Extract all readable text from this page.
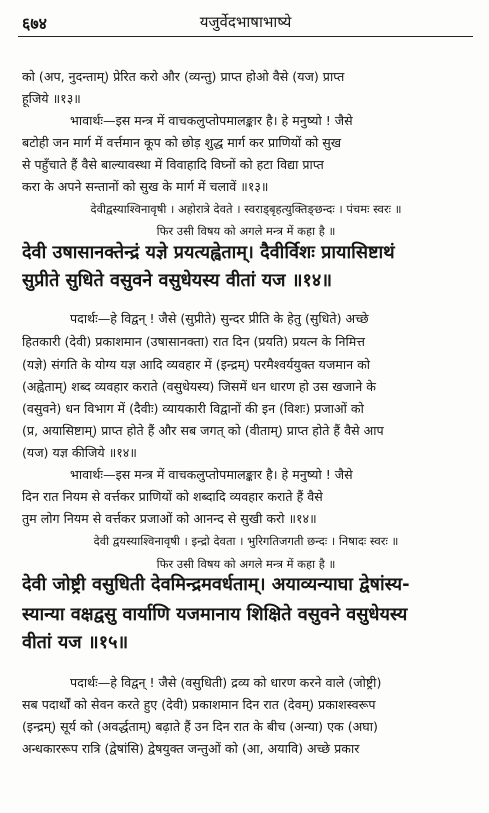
६७४	यजुर्वेदभाषाभाष्ये
को (अप, नुदन्ताम्) प्रेरित करो और (व्यन्तु) प्राप्त होओ वैसे (यज) प्राप्त
हूजिये ॥१३॥
भावार्थः—इस मन्त्र में वाचकलुप्तोपमालङ्कार है। हे मनुष्यो ! जैसे
बटोही जन मार्ग में वर्त्तमान कूप को छोड़ शुद्ध मार्ग कर प्राणियों को सुख
से पहुँचाते हैं वैसे बाल्यावस्था में विवाहादि विघ्नों को हटा विद्या प्राप्त
करा के अपने सन्तानों को सुख के मार्ग में चलावें ॥१३॥
देवीद्वस्याश्विनावृषी । अहोरात्रे देवते । स्वराड्बृहत्युक्तिङ्छन्दः । पंचमः स्वरः ॥
फिर उसी विषय को अगले मन्त्र में कहा है ॥
देवी उषासानक्तेन्द्रं यज्ञे प्रयत्यह्वेताम्। दैवीर्विशः प्रायासिष्टाथं
सुप्रीते सुधिते वसुवने वसुधेयस्य वीतां यज ॥१४॥
पदार्थः—हे विद्वन् ! जैसे (सुप्रीते) सुन्दर प्रीति के हेतु (सुधिते) अच्छे
हितकारी (देवी) प्रकाशमान (उषासानक्ता) रात दिन (प्रयति) प्रयत्न के निमित्त
(यज्ञे) संगति के योग्य यज्ञ आदि व्यवहार में (इन्द्रम्) परमैश्वर्ययुक्त यजमान को
(अह्वेताम्) शब्द व्यवहार कराते (वसुधेयस्य) जिसमें धन धारण हो उस खजाने के
(वसुवने) धन विभाग में (दैवीः) व्यायकारी विद्वानों की इन (विशः) प्रजाओं को
(प्र, अयासिष्टाम्) प्राप्त होते हैं और सब जगत् को (वीताम्) प्राप्त होते हैं वैसे आप
(यज) यज्ञ कीजिये ॥१४॥
भावार्थः—इस मन्त्र में वाचकलुप्तोपमालङ्कार है। हे मनुष्यो ! जैसे
दिन रात नियम से वर्त्तकर प्राणियों को शब्दादि व्यवहार कराते हैं वैसे
तुम लोग नियम से वर्त्तकर प्रजाओं को आनन्द से सुखी करो ॥१४॥
देवी द्वयस्याश्विनावृषी । इन्द्रो देवता । भुरिगतिजगती छन्दः । निषादः स्वरः ॥
फिर उसी विषय को अगले मन्त्र में कहा है ॥
देवी जोष्ट्री वसुधिती देवमिन्द्रमवर्धताम्। अयाव्यन्याघा द्वेषांस्य-
स्यान्या वक्षद्वसु वार्याणि यजमानाय शिक्षिते वसुवने वसुधेयस्य
वीतां यज ॥१५॥
पदार्थः—हे विद्वन् ! जैसे (वसुधिती) द्रव्य को धारण करने वाले (जोष्ट्री)
सब पदार्थों को सेवन करते हुए (देवी) प्रकाशमान दिन रात (देवम्) प्रकाशस्वरूप
(इन्द्रम्) सूर्य को (अवर्द्धताम्) बढ़ाते हैं उन दिन रात के बीच (अन्या) एक (अघा)
अन्धकाररूप रात्रि (द्वेषांसि) द्वेषयुक्त जन्तुओं को (आ, अयावि) अच्छे प्रकार
